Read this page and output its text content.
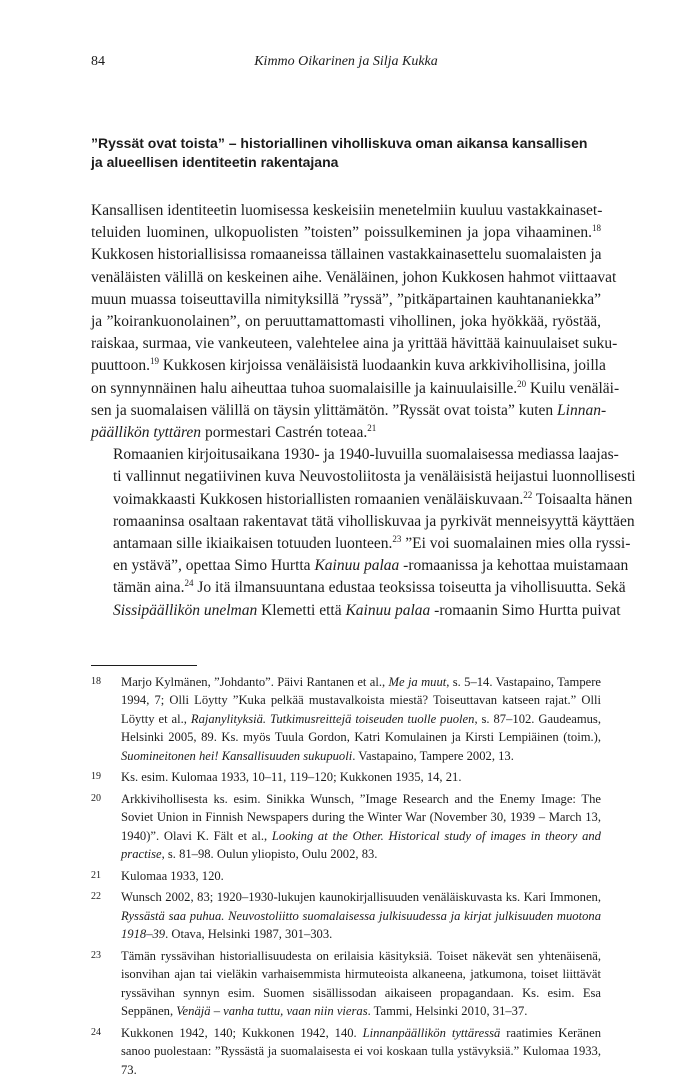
84	Kimmo Oikarinen ja Silja Kukka
”Ryssät ovat toista” – historiallinen viholliskuva oman aikansa kansallisen ja alueellisen identiteetin rakentajana

Kansallisen identiteetin luomisessa keskeisiin menetelmiin kuuluu vastakkainaset-
teluiden luominen, ulkopuolisten ”toisten” poissulkeminen ja jopa vihaaminen.$^{18}$
Kukkosen historiallisissa romaaneissa tällainen vastakkainasettelu suomalaisten ja
venäläisten välillä on keskeinen aihe. Venäläinen, johon Kukkosen hahmot viittaavat
muun muassa toiseuttavilla nimityksillä ”ryssä”, ”pitkäpartainen kauhtananiekka”
ja ”koirankuonolainen”, on peruuttamattomasti vihollinen, joka hyökkää, ryöstää,
raiskaa, surmaa, vie vankeuteen, valehtelee aina ja yrittää hävittää kainuulaiset suku-
puuttoon.$^{19}$ Kukkosen kirjoissa venäläisistä luodaankin kuva arkkivihollisina, joilla
on synnynnäinen halu aiheuttaa tuhoa suomalaisille ja kainuulaisille.$^{20}$ Kuilu venäläi-
sen ja suomalaisen välillä on täysin ylittämätön. ”Ryssät ovat toista” kuten Linnan-
päällikön tyttären pormestari Castrén toteaa.$^{21}$

Romaanien kirjoitusaikana 1930- ja 1940-luvuilla suomalaisessa mediassa laajas-
ti vallinnut negatiivinen kuva Neuvostoliitosta ja venäläisistä heijastui luonnollisesti
voimakkaasti Kukkosen historiallisten romaanien venäläiskuvaan.$^{22}$ Toisaalta hänen
romaaninsa osaltaan rakentavat tätä viholliskuvaa ja pyrkivät menneisyyttä käyttäen
antamaan sille ikiaikaisen totuuden luonteen.$^{23}$ ”Ei voi suomalainen mies olla ryssi-
en ystävä”, opettaa Simo Hurtta Kainuu palaa -romaanissa ja kehottaa muistamaan
tämän aina.$^{24}$ Jo itä ilmansuuntana edustaa teoksissa toiseutta ja vihollisuutta. Sekä
Sissipäällikön unelman Klemetti että Kainuu palaa -romaanin Simo Hurtta puivat

18	Marjo Kylmänen, ”Johdanto”. Päivi Rantanen et al., Me ja muut, s. 5–14. Vastapaino, Tampere 1994, 7; Olli Löytty ”Kuka pelkää mustavalkoista miestä? Toiseuttavan katseen rajat.” Olli Löytty et al., Rajanylityksiä. Tutkimusreittejä toiseuden tuolle puolen, s. 87–102. Gaudeamus, Helsinki 2005, 89. Ks. myös Tuula Gordon, Katri Komulainen ja Kirsti Lempiäinen (toim.), Suomineitonen hei! Kansallisuuden sukupuoli. Vastapaino, Tampere 2002, 13.
19	Ks. esim. Kulomaa 1933, 10–11, 119–120; Kukkonen 1935, 14, 21.
20	Arkkivihollisesta ks. esim. Sinikka Wunsch, ”Image Research and the Enemy Image: The Soviet Union in Finnish Newspapers during the Winter War (November 30, 1939 – March 13, 1940)”. Olavi K. Fält et al., Looking at the Other. Historical study of images in theory and practise, s. 81–98. Oulun yliopisto, Oulu 2002, 83.
21	Kulomaa 1933, 120.
22	Wunsch 2002, 83; 1920–1930-lukujen kaunokirjallisuuden venäläiskuvasta ks. Kari Immonen, Ryssästä saa puhua. Neuvostoliitto suomalaisessa julkisuudessa ja kirjat julkisuuden muotona 1918–39. Otava, Helsinki 1987, 301–303.
23	Tämän ryssävihan historiallisuudesta on erilaisia käsityksiä. Toiset näkevät sen yhtenäisenä, isonvihan ajan tai vieläkin varhaisemmista hirmuteoista alkaneena, jatkumona, toiset liittävät ryssävihan synnyn esim. Suomen sisällissodan aikaiseen propagandaan. Ks. esim. Esa Seppänen, Venäjä – vanha tuttu, vaan niin vieras. Tammi, Helsinki 2010, 31–37.
24	Kukkonen 1942, 140; Kukkonen 1942, 140. Linnanpäällikön tyttäressä raatimies Keränen sanoo puolestaan: ”Ryssästä ja suomalaisesta ei voi koskaan tulla ystävyksiä.” Kulomaa 1933, 73.
